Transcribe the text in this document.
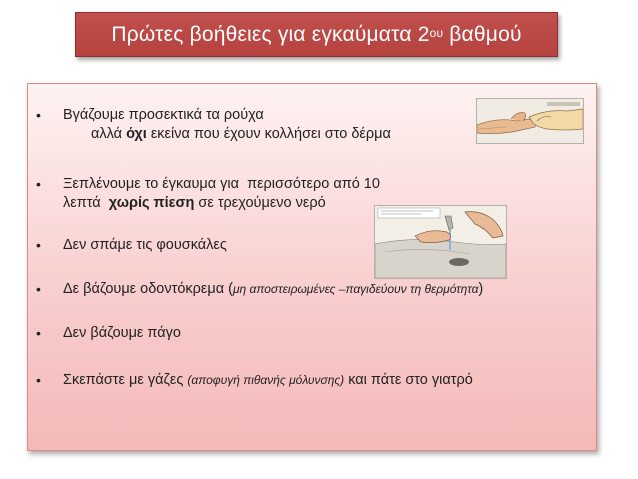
Πρώτες βοήθειες για εγκαύματα $2^{o\upsilon}$ βαθμού
• Βγάζουμε προσεκτικά τα ρούχα
αλλά όχι εκείνα που έχουν κολλήσει στο δέρμα
• Ξεπλένουμε το έγκαυμα για  περισσότερο από 10 λεπτά  χωρίς πίεση σε τρεχούμενο νερό
• Δεν σπάμε τις φουσκάλες
• Δε βάζουμε οδοντόκρεμα (μη αποστειρωμένες –παγιδεύουν τη θερμότητα)
• Δεν βάζουμε πάγο
• Σκεπάστε με γάζες (αποφυγή πιθανής μόλυνσης) και πάτε στο γιατρό
